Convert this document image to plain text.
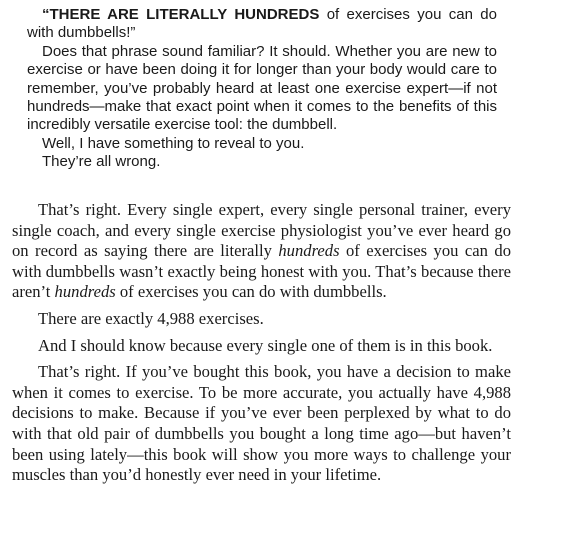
“THERE ARE LITERALLY HUNDREDS of exercises you can do with dumbbells!”

Does that phrase sound familiar? It should. Whether you are new to exercise or have been doing it for longer than your body would care to remember, you’ve probably heard at least one exercise expert—if not hundreds—make that exact point when it comes to the benefits of this incredibly versatile exercise tool: the dumbbell.

Well, I have something to reveal to you.

They’re all wrong.

That’s right. Every single expert, every single personal trainer, every single coach, and every single exercise physiologist you’ve ever heard go on record as saying there are literally hundreds of exercises you can do with dumbbells wasn’t exactly being honest with you. That’s because there aren’t hundreds of exercises you can do with dumbbells.

There are exactly 4,988 exercises.

And I should know because every single one of them is in this book.

That’s right. If you’ve bought this book, you have a decision to make when it comes to exercise. To be more accurate, you actually have 4,988 decisions to make. Because if you’ve ever been perplexed by what to do with that old pair of dumbbells you bought a long time ago—but haven’t been using lately—this book will show you more ways to challenge your muscles than you’d honestly ever need in your lifetime.
